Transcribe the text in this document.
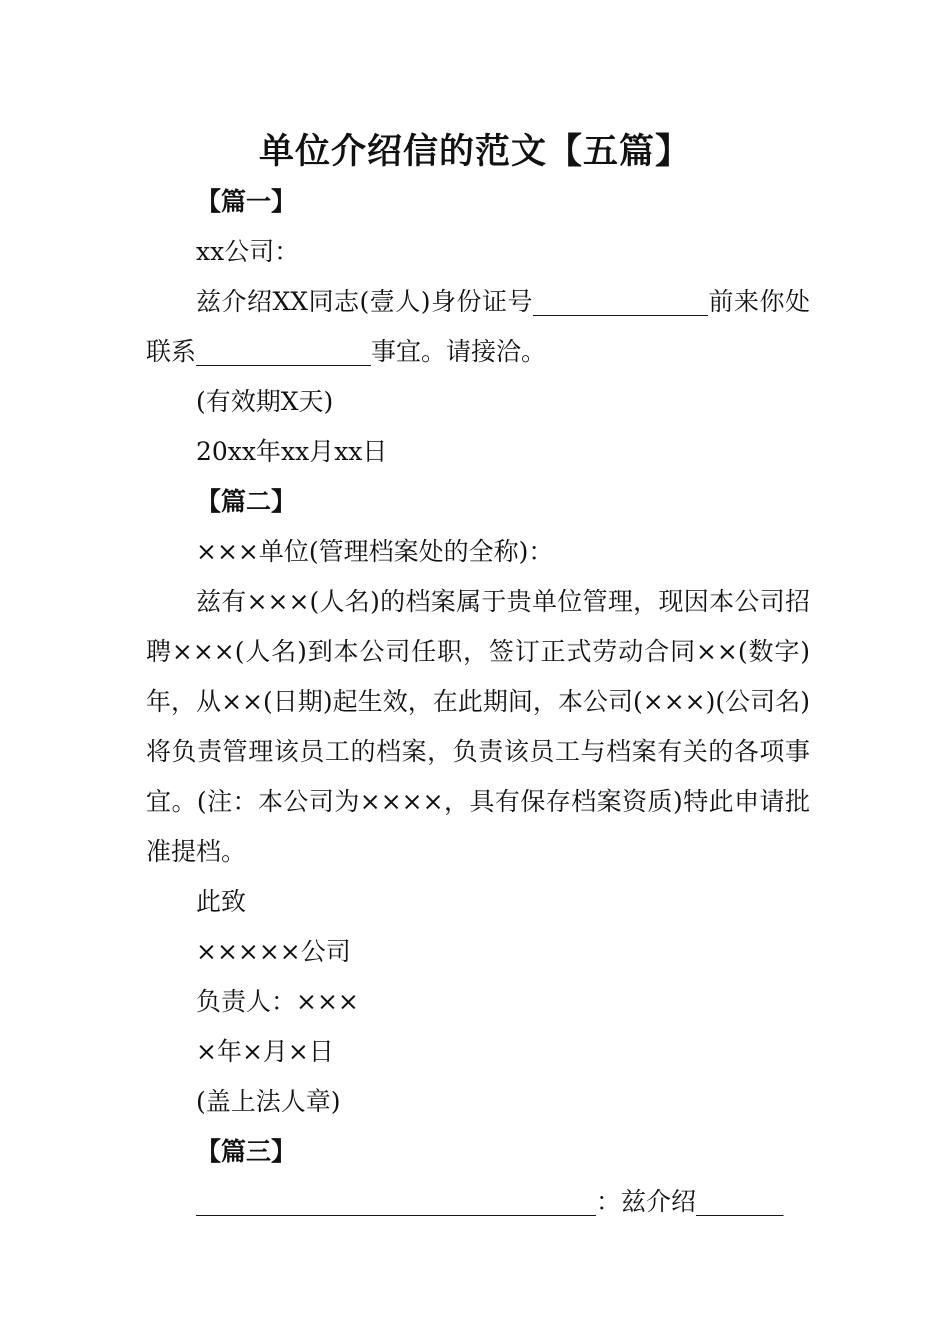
单位介绍信的范文【五篇】

【篇一】

xx公司：

兹介绍XX同志(壹人)身份证号______________前来你处联系______________事宜。请接洽。

(有效期X天)

20xx年xx月xx日

【篇二】

×××单位(管理档案处的全称)：

兹有×××(人名)的档案属于贵单位管理，现因本公司招聘×××(人名)到本公司任职，签订正式劳动合同××(数字)年，从××(日期)起生效，在此期间，本公司(×××)(公司名)将负责管理该员工的档案，负责该员工与档案有关的各项事宜。(注：本公司为××××，具有保存档案资质)特此申请批准提档。

此致

×××××公司

负责人：×××

×年×月×日

(盖上法人章)

【篇三】

________________________________：兹介绍_______
